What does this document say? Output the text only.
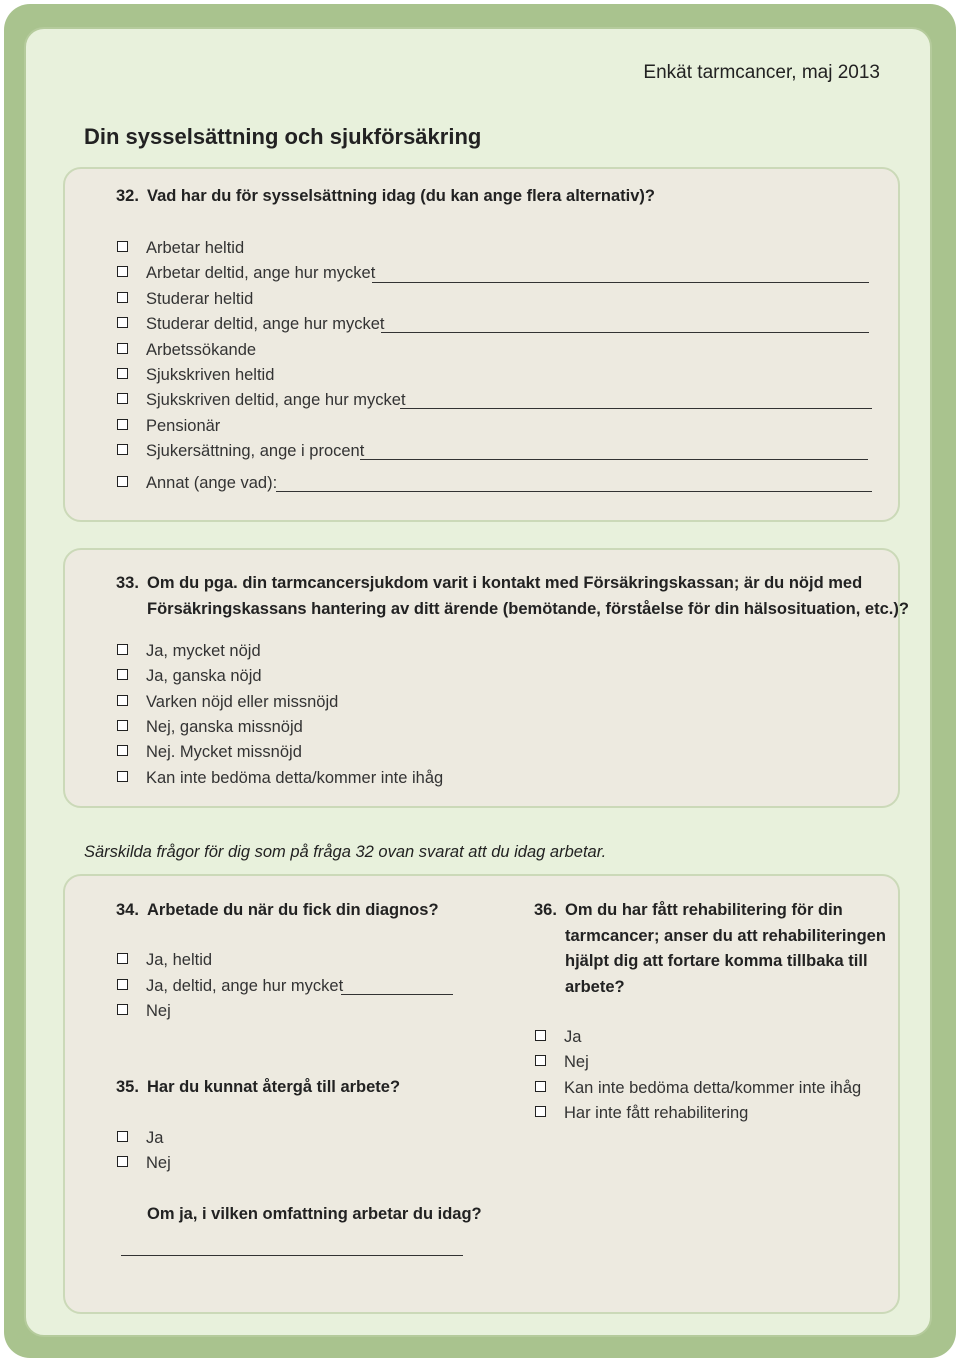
Enkät tarmcancer, maj 2013
Din sysselsättning och sjukförsäkring
32. Vad har du för sysselsättning idag (du kan ange flera alternativ)?
Arbetar heltid
Arbetar deltid, ange hur mycket
Studerar heltid
Studerar deltid, ange hur mycket
Arbetssökande
Sjukskriven heltid
Sjukskriven deltid, ange hur mycket
Pensionär
Sjukersättning, ange i procent
Annat (ange vad):
33. Om du pga. din tarmcancersjukdom varit i kontakt med Försäkringskassan; är du nöjd med
Försäkringskassans hantering av ditt ärende (bemötande, förståelse för din hälsosituation, etc.)?
Ja, mycket nöjd
Ja, ganska nöjd
Varken nöjd eller missnöjd
Nej, ganska missnöjd
Nej. Mycket missnöjd
Kan inte bedöma detta/kommer inte ihåg
Särskilda frågor för dig som på fråga 32 ovan svarat att du idag arbetar.
34. Arbetade du när du fick din diagnos?
Ja, heltid
Ja, deltid, ange hur mycket
Nej
35. Har du kunnat återgå till arbete?
Ja
Nej
Om ja, i vilken omfattning arbetar du idag?
36. Om du har fått rehabilitering för din
tarmcancer; anser du att rehabiliteringen
hjälpt dig att fortare komma tillbaka till
arbete?
Ja
Nej
Kan inte bedöma detta/kommer inte ihåg
Har inte fått rehabilitering
